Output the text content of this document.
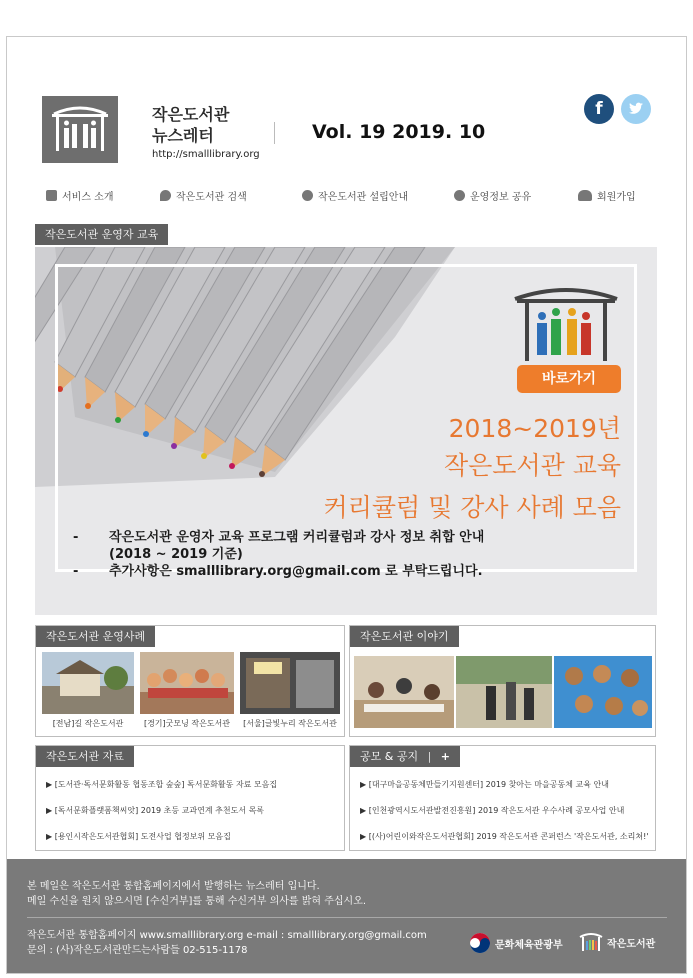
작은도서관
뉴스레터
http://smalllibrary.org
Vol. 19 2019. 10
f
서비스 소개	작은도서관 검색	작은도서관 설립안내	운영정보 공유	회원가입
작은도서관 운영자 교육
바로가기
2018~2019년
작은도서관 교육
커리큘럼 및 강사 사례 모음
-	작은도서관 운영자 교육 프로그램 커리큘럼과 강사 정보 취합 안내
(2018 ~ 2019 기준)
-	추가사항은 smalllibrary.org@gmail.com 로 부탁드립니다.
작은도서관 운영사례
[전남]길 작은도서관	[경기]굿모닝 작은도서관	[서울]글빛누리 작은도서관
작은도서관 이야기
작은도서관 자료
▶ [도서관·독서문화활동 협동조합 숲숲] 독서문화활동 자료 모음집
▶ [독서문화플랫폼책씨앗] 2019 초등 교과연계 추천도서 목록
▶ [용인시작은도서관협회] 도전사업 협정보위 모음집
공모 & 공지 | +
▶ [대구마을공동체만들기지원센터] 2019 찾아는 마을공동체 교육 안내
▶ [인천광역시도서관발전진흥원] 2019 작은도서관 우수사례 공모사업 안내
▶ [(사)어린이와작은도서관협회] 2019 작은도서관 콘퍼런스 '작은도서관, 소리쳐!'
본 메일은 작은도서관 통합홈페이지에서 발행하는 뉴스레터 입니다.
메일 수신을 원치 않으시면 [수신거부]를 통해 수신거부 의사를 밝혀 주십시오.
작은도서관 통합홈페이지 www.smalllibrary.org e-mail : smalllibrary.org@gmail.com
문의 : (사)작은도서관만드는사람들 02-515-1178	문화체육관광부	작은도서관
